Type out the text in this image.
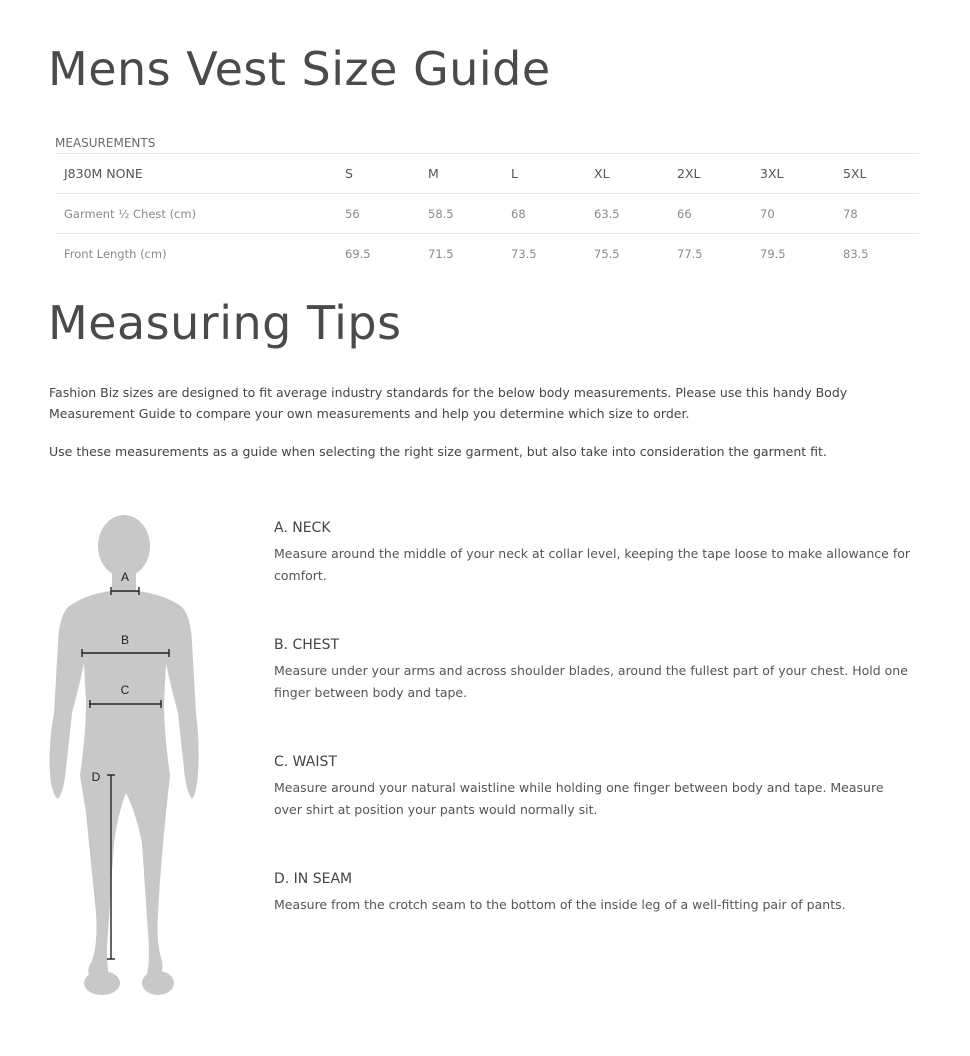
Mens Vest Size Guide
MEASUREMENTS
J830M NONE	S	M	L	XL	2XL	3XL	5XL
Garment ½ Chest (cm)	56	58.5	68	63.5	66	70	78
Front Length (cm)	69.5	71.5	73.5	75.5	77.5	79.5	83.5
Measuring Tips

Fashion Biz sizes are designed to fit average industry standards for the below body measurements. Please use this handy Body Measurement Guide to compare your own measurements and help you determine which size to order.

Use these measurements as a guide when selecting the right size garment, but also take into consideration the garment fit.

A
B
C
D

A. NECK

Measure around the middle of your neck at collar level, keeping the tape loose to make allowance for comfort.

B. CHEST

Measure under your arms and across shoulder blades, around the fullest part of your chest. Hold one finger between body and tape.

C. WAIST

Measure around your natural waistline while holding one finger between body and tape. Measure over shirt at position your pants would normally sit.

D. IN SEAM

Measure from the crotch seam to the bottom of the inside leg of a well-fitting pair of pants.
